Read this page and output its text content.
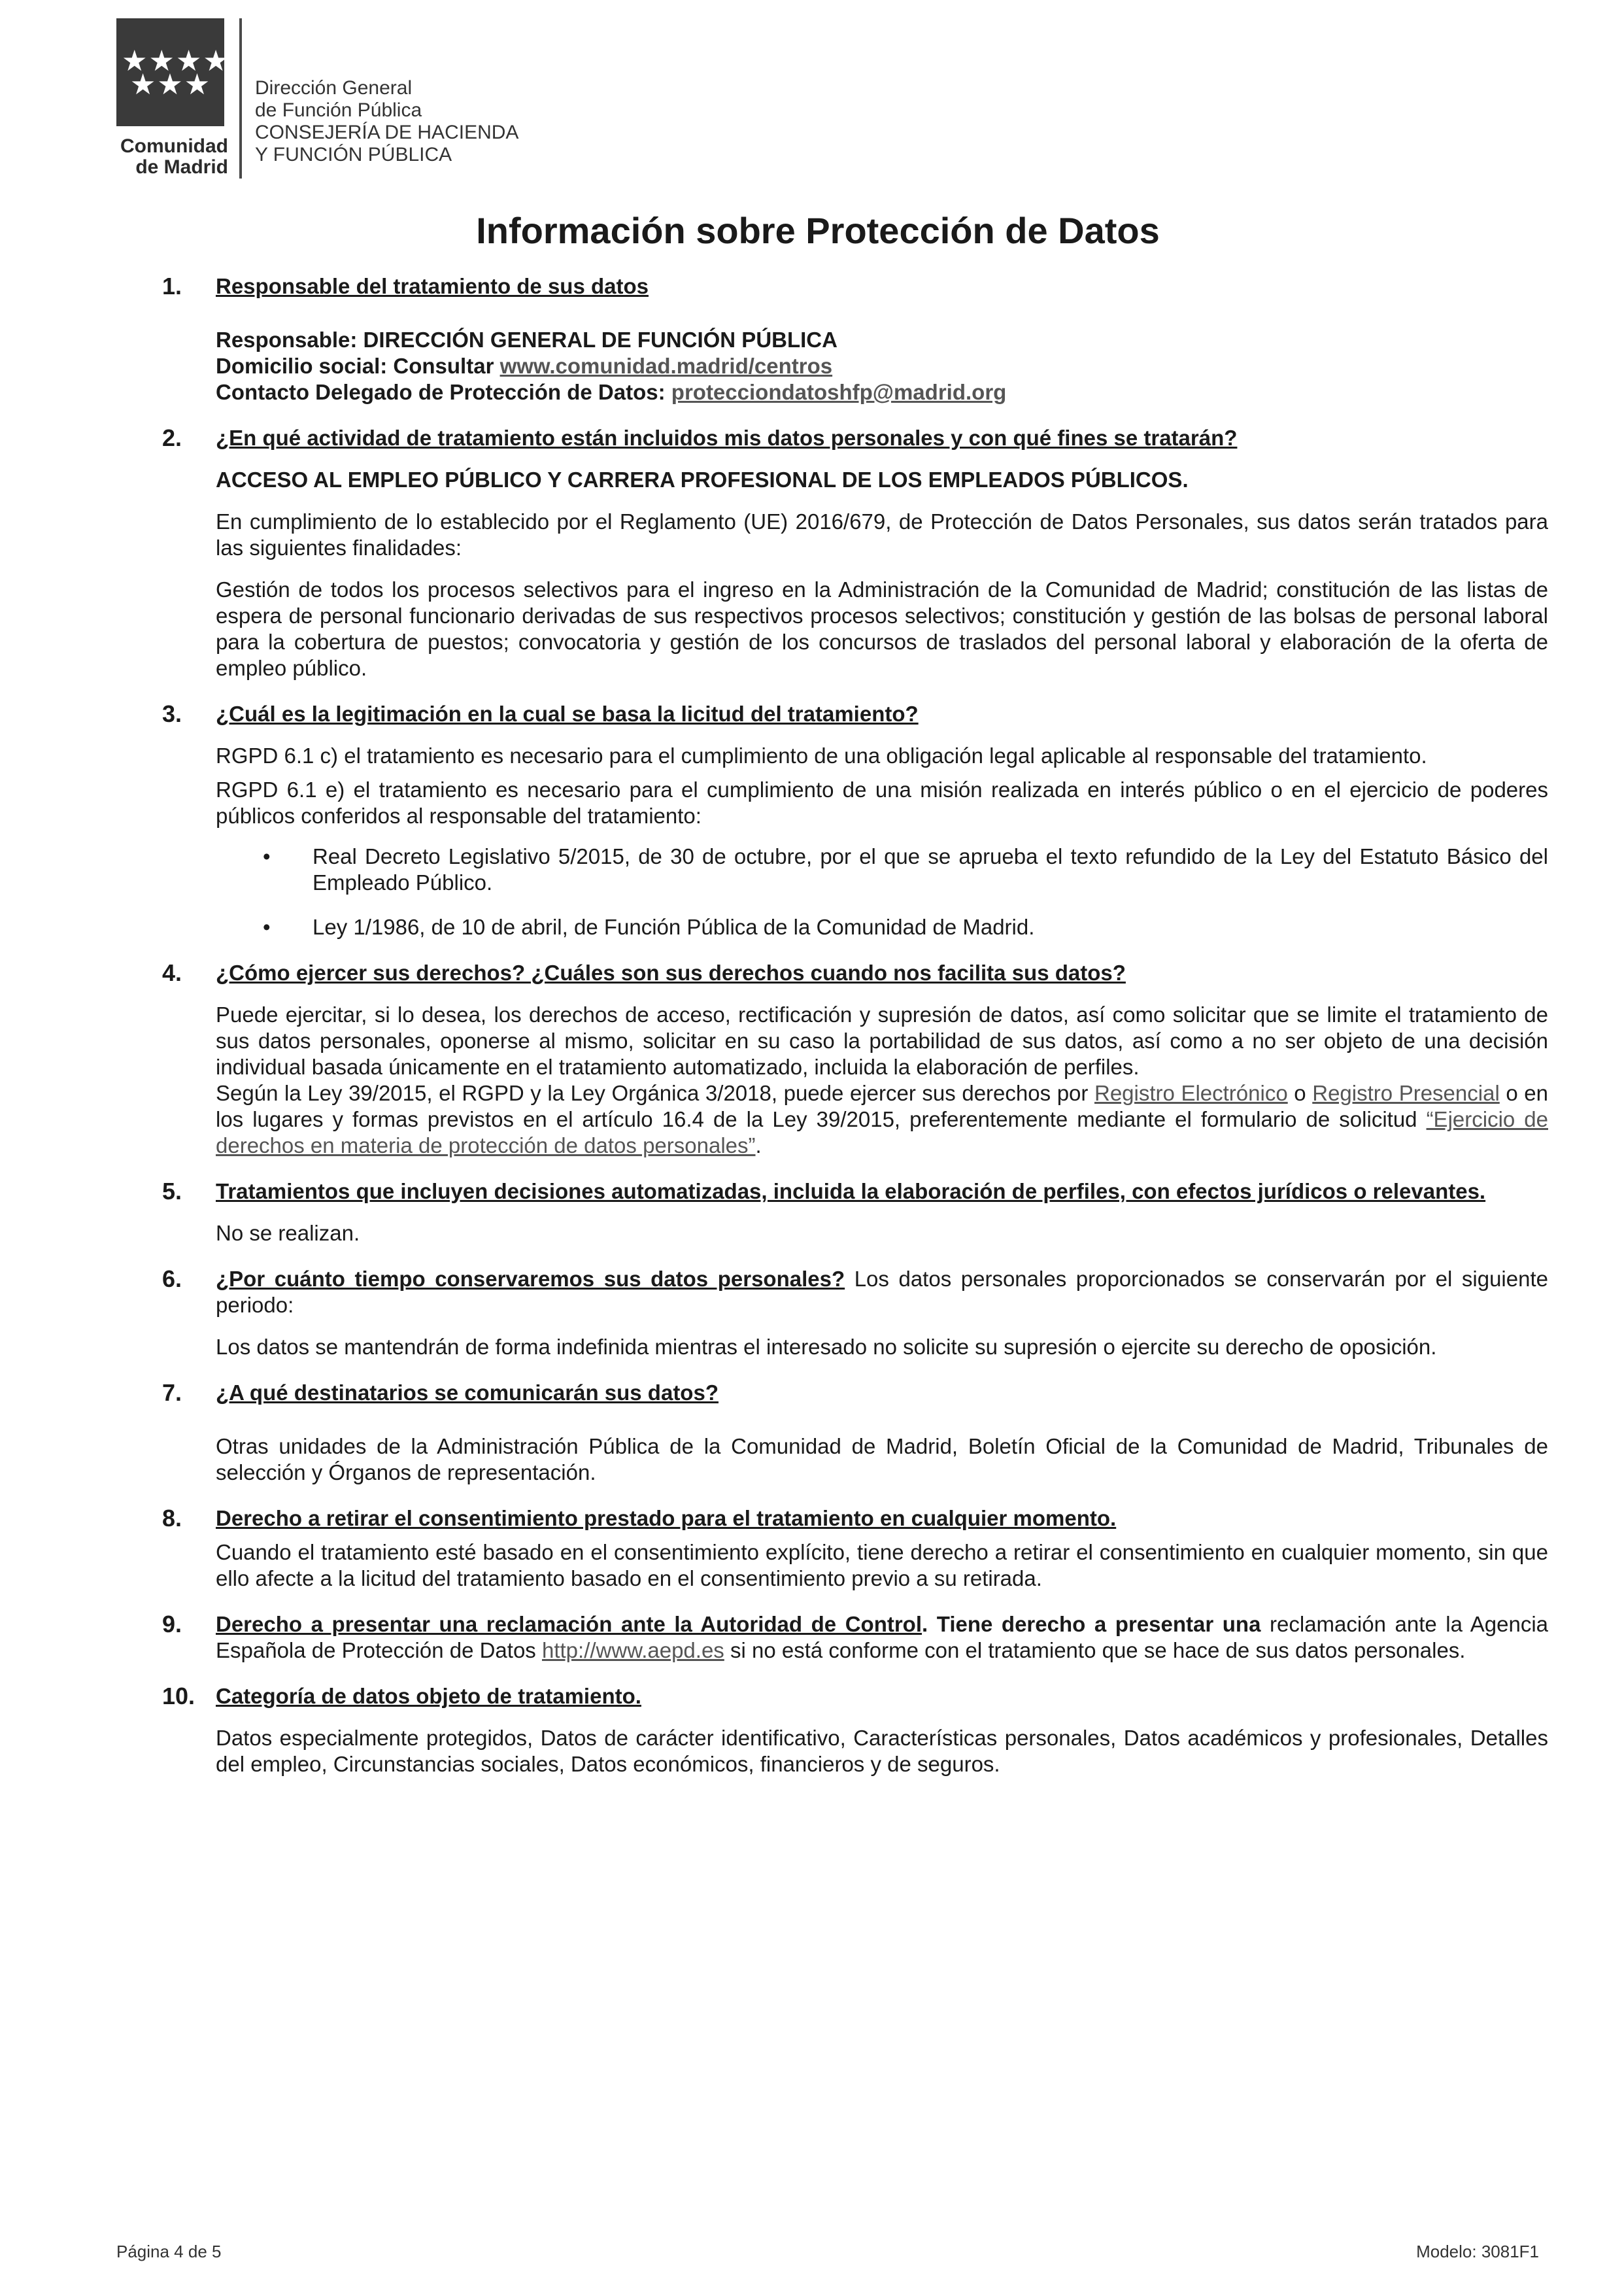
★★★★
★★★
Comunidad
de Madrid
Dirección General
de Función Pública
CONSEJERÍA DE HACIENDA
Y FUNCIÓN PÚBLICA
Información sobre Protección de Datos
1. Responsable del tratamiento de sus datos
Responsable: DIRECCIÓN GENERAL DE FUNCIÓN PÚBLICA
Domicilio social: Consultar www.comunidad.madrid/centros
Contacto Delegado de Protección de Datos: protecciondatoshfp@madrid.org
2. ¿En qué actividad de tratamiento están incluidos mis datos personales y con qué fines se tratarán?
ACCESO AL EMPLEO PÚBLICO Y CARRERA PROFESIONAL DE LOS EMPLEADOS PÚBLICOS.
En cumplimiento de lo establecido por el Reglamento (UE) 2016/679, de Protección de Datos Personales, sus datos serán tratados para las siguientes finalidades:
Gestión de todos los procesos selectivos para el ingreso en la Administración de la Comunidad de Madrid; constitución de las listas de espera de personal funcionario derivadas de sus respectivos procesos selectivos; constitución y gestión de las bolsas de personal laboral para la cobertura de puestos; convocatoria y gestión de los concursos de traslados del personal laboral y elaboración de la oferta de empleo público.
3. ¿Cuál es la legitimación en la cual se basa la licitud del tratamiento?
RGPD 6.1 c) el tratamiento es necesario para el cumplimiento de una obligación legal aplicable al responsable del tratamiento.
RGPD 6.1 e) el tratamiento es necesario para el cumplimiento de una misión realizada en interés público o en el ejercicio de poderes públicos conferidos al responsable del tratamiento:
• Real Decreto Legislativo 5/2015, de 30 de octubre, por el que se aprueba el texto refundido de la Ley del Estatuto Básico del Empleado Público.
• Ley 1/1986, de 10 de abril, de Función Pública de la Comunidad de Madrid.
4. ¿Cómo ejercer sus derechos? ¿Cuáles son sus derechos cuando nos facilita sus datos?
Puede ejercitar, si lo desea, los derechos de acceso, rectificación y supresión de datos, así como solicitar que se limite el tratamiento de sus datos personales, oponerse al mismo, solicitar en su caso la portabilidad de sus datos, así como a no ser objeto de una decisión individual basada únicamente en el tratamiento automatizado, incluida la elaboración de perfiles.
Según la Ley 39/2015, el RGPD y la Ley Orgánica 3/2018, puede ejercer sus derechos por Registro Electrónico o Registro Presencial o en los lugares y formas previstos en el artículo 16.4 de la Ley 39/2015, preferentemente mediante el formulario de solicitud “Ejercicio de derechos en materia de protección de datos personales”.
5. Tratamientos que incluyen decisiones automatizadas, incluida la elaboración de perfiles, con efectos jurídicos o relevantes.
No se realizan.
6. ¿Por cuánto tiempo conservaremos sus datos personales? Los datos personales proporcionados se conservarán por el siguiente periodo:
Los datos se mantendrán de forma indefinida mientras el interesado no solicite su supresión o ejercite su derecho de oposición.
7. ¿A qué destinatarios se comunicarán sus datos?
Otras unidades de la Administración Pública de la Comunidad de Madrid, Boletín Oficial de la Comunidad de Madrid, Tribunales de selección y Órganos de representación.
8. Derecho a retirar el consentimiento prestado para el tratamiento en cualquier momento.
Cuando el tratamiento esté basado en el consentimiento explícito, tiene derecho a retirar el consentimiento en cualquier momento, sin que ello afecte a la licitud del tratamiento basado en el consentimiento previo a su retirada.
9. Derecho a presentar una reclamación ante la Autoridad de Control. Tiene derecho a presentar una reclamación ante la Agencia Española de Protección de Datos http://www.aepd.es si no está conforme con el tratamiento que se hace de sus datos personales.
10. Categoría de datos objeto de tratamiento.
Datos especialmente protegidos, Datos de carácter identificativo, Características personales, Datos académicos y profesionales, Detalles del empleo, Circunstancias sociales, Datos económicos, financieros y de seguros.
Página 4 de 5	Modelo: 3081F1
